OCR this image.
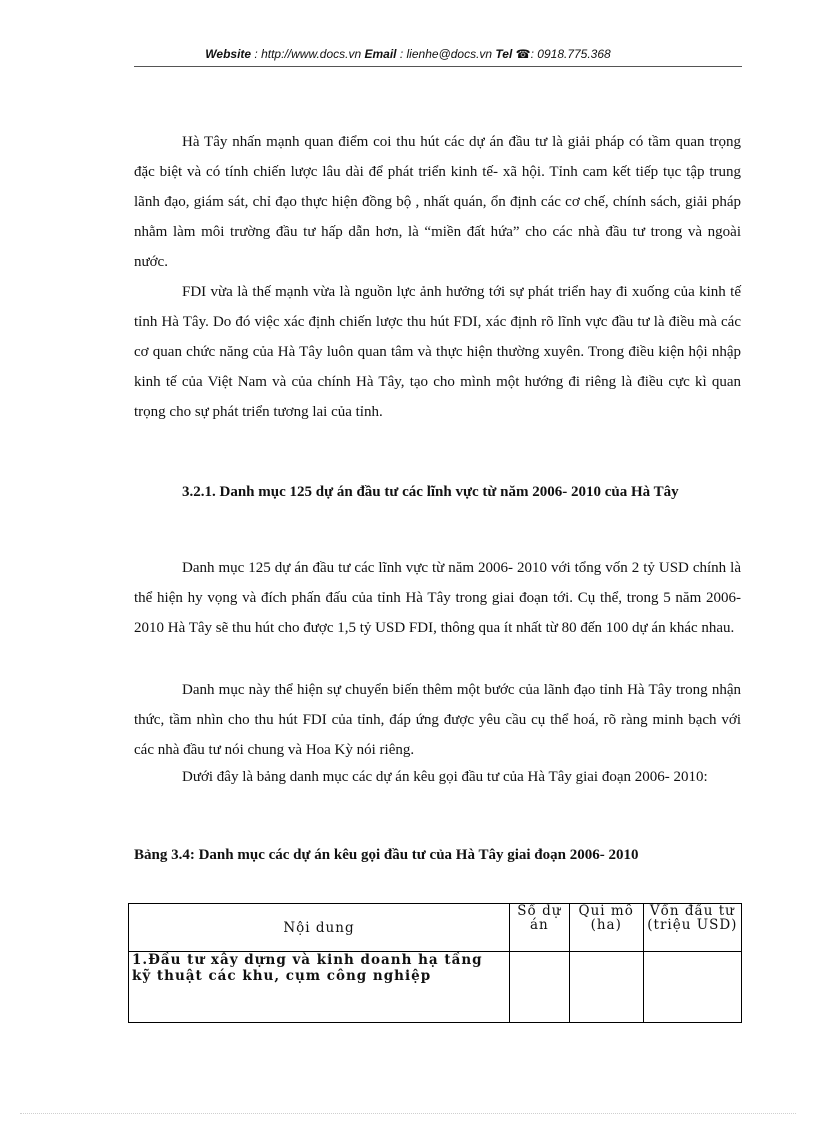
Website : http://www.docs.vn Email : lienhe@docs.vn Tel ☎: 0918.775.368

Hà Tây nhấn mạnh quan điểm coi thu hút các dự án đầu tư là giải pháp có tầm quan trọng đặc biệt và có tính chiến lược lâu dài để phát triển kinh tế- xã hội. Tỉnh cam kết tiếp tục tập trung lãnh đạo, giám sát, chỉ đạo thực hiện đồng bộ , nhất quán, ổn định các cơ chế, chính sách, giải pháp nhằm làm môi trường đầu tư hấp dẫn hơn, là “miền đất hứa” cho các nhà đầu tư trong và ngoài nước.

FDI vừa là thế mạnh vừa là nguồn lực ảnh hưởng tới sự phát triển hay đi xuống của kinh tế tỉnh Hà Tây. Do đó việc xác định chiến lược thu hút FDI, xác định rõ lĩnh vực đầu tư là điều mà các cơ quan chức năng của Hà Tây luôn quan tâm và thực hiện thường xuyên. Trong điều kiện hội nhập kinh tế của Việt Nam và của chính Hà Tây, tạo cho mình một hướng đi riêng là điều cực kì quan trọng cho sự phát triển tương lai của tỉnh.

3.2.1. Danh mục 125 dự án đầu tư các lĩnh vực từ năm 2006- 2010 của Hà Tây

Danh mục 125 dự án đầu tư các lĩnh vực từ năm 2006- 2010 với tổng vốn 2 tỷ USD chính là thể hiện hy vọng và đích phấn đấu của tỉnh Hà Tây trong giai đoạn tới. Cụ thể, trong 5 năm 2006- 2010 Hà Tây sẽ thu hút cho được 1,5 tỷ USD FDI, thông qua ít nhất từ 80 đến 100 dự án khác nhau.

Danh mục này thể hiện sự chuyển biến thêm một bước của lãnh đạo tỉnh Hà Tây trong nhận thức, tầm nhìn cho thu hút FDI của tỉnh, đáp ứng được yêu cầu cụ thể hoá, rõ ràng minh bạch với các nhà đầu tư nói chung và Hoa Kỳ nói riêng.

Dưới đây là bảng danh mục các dự án kêu gọi đầu tư của Hà Tây giai đoạn 2006- 2010:

Bảng 3.4: Danh mục các dự án kêu gọi đầu tư của Hà Tây giai đoạn 2006- 2010

Nội dung	Số dự án	Qui mô (ha)	Vốn đầu tư (triệu USD)
1.Đầu tư xây dựng và kinh doanh hạ tầng kỹ thuật các khu, cụm công nghiệp			
